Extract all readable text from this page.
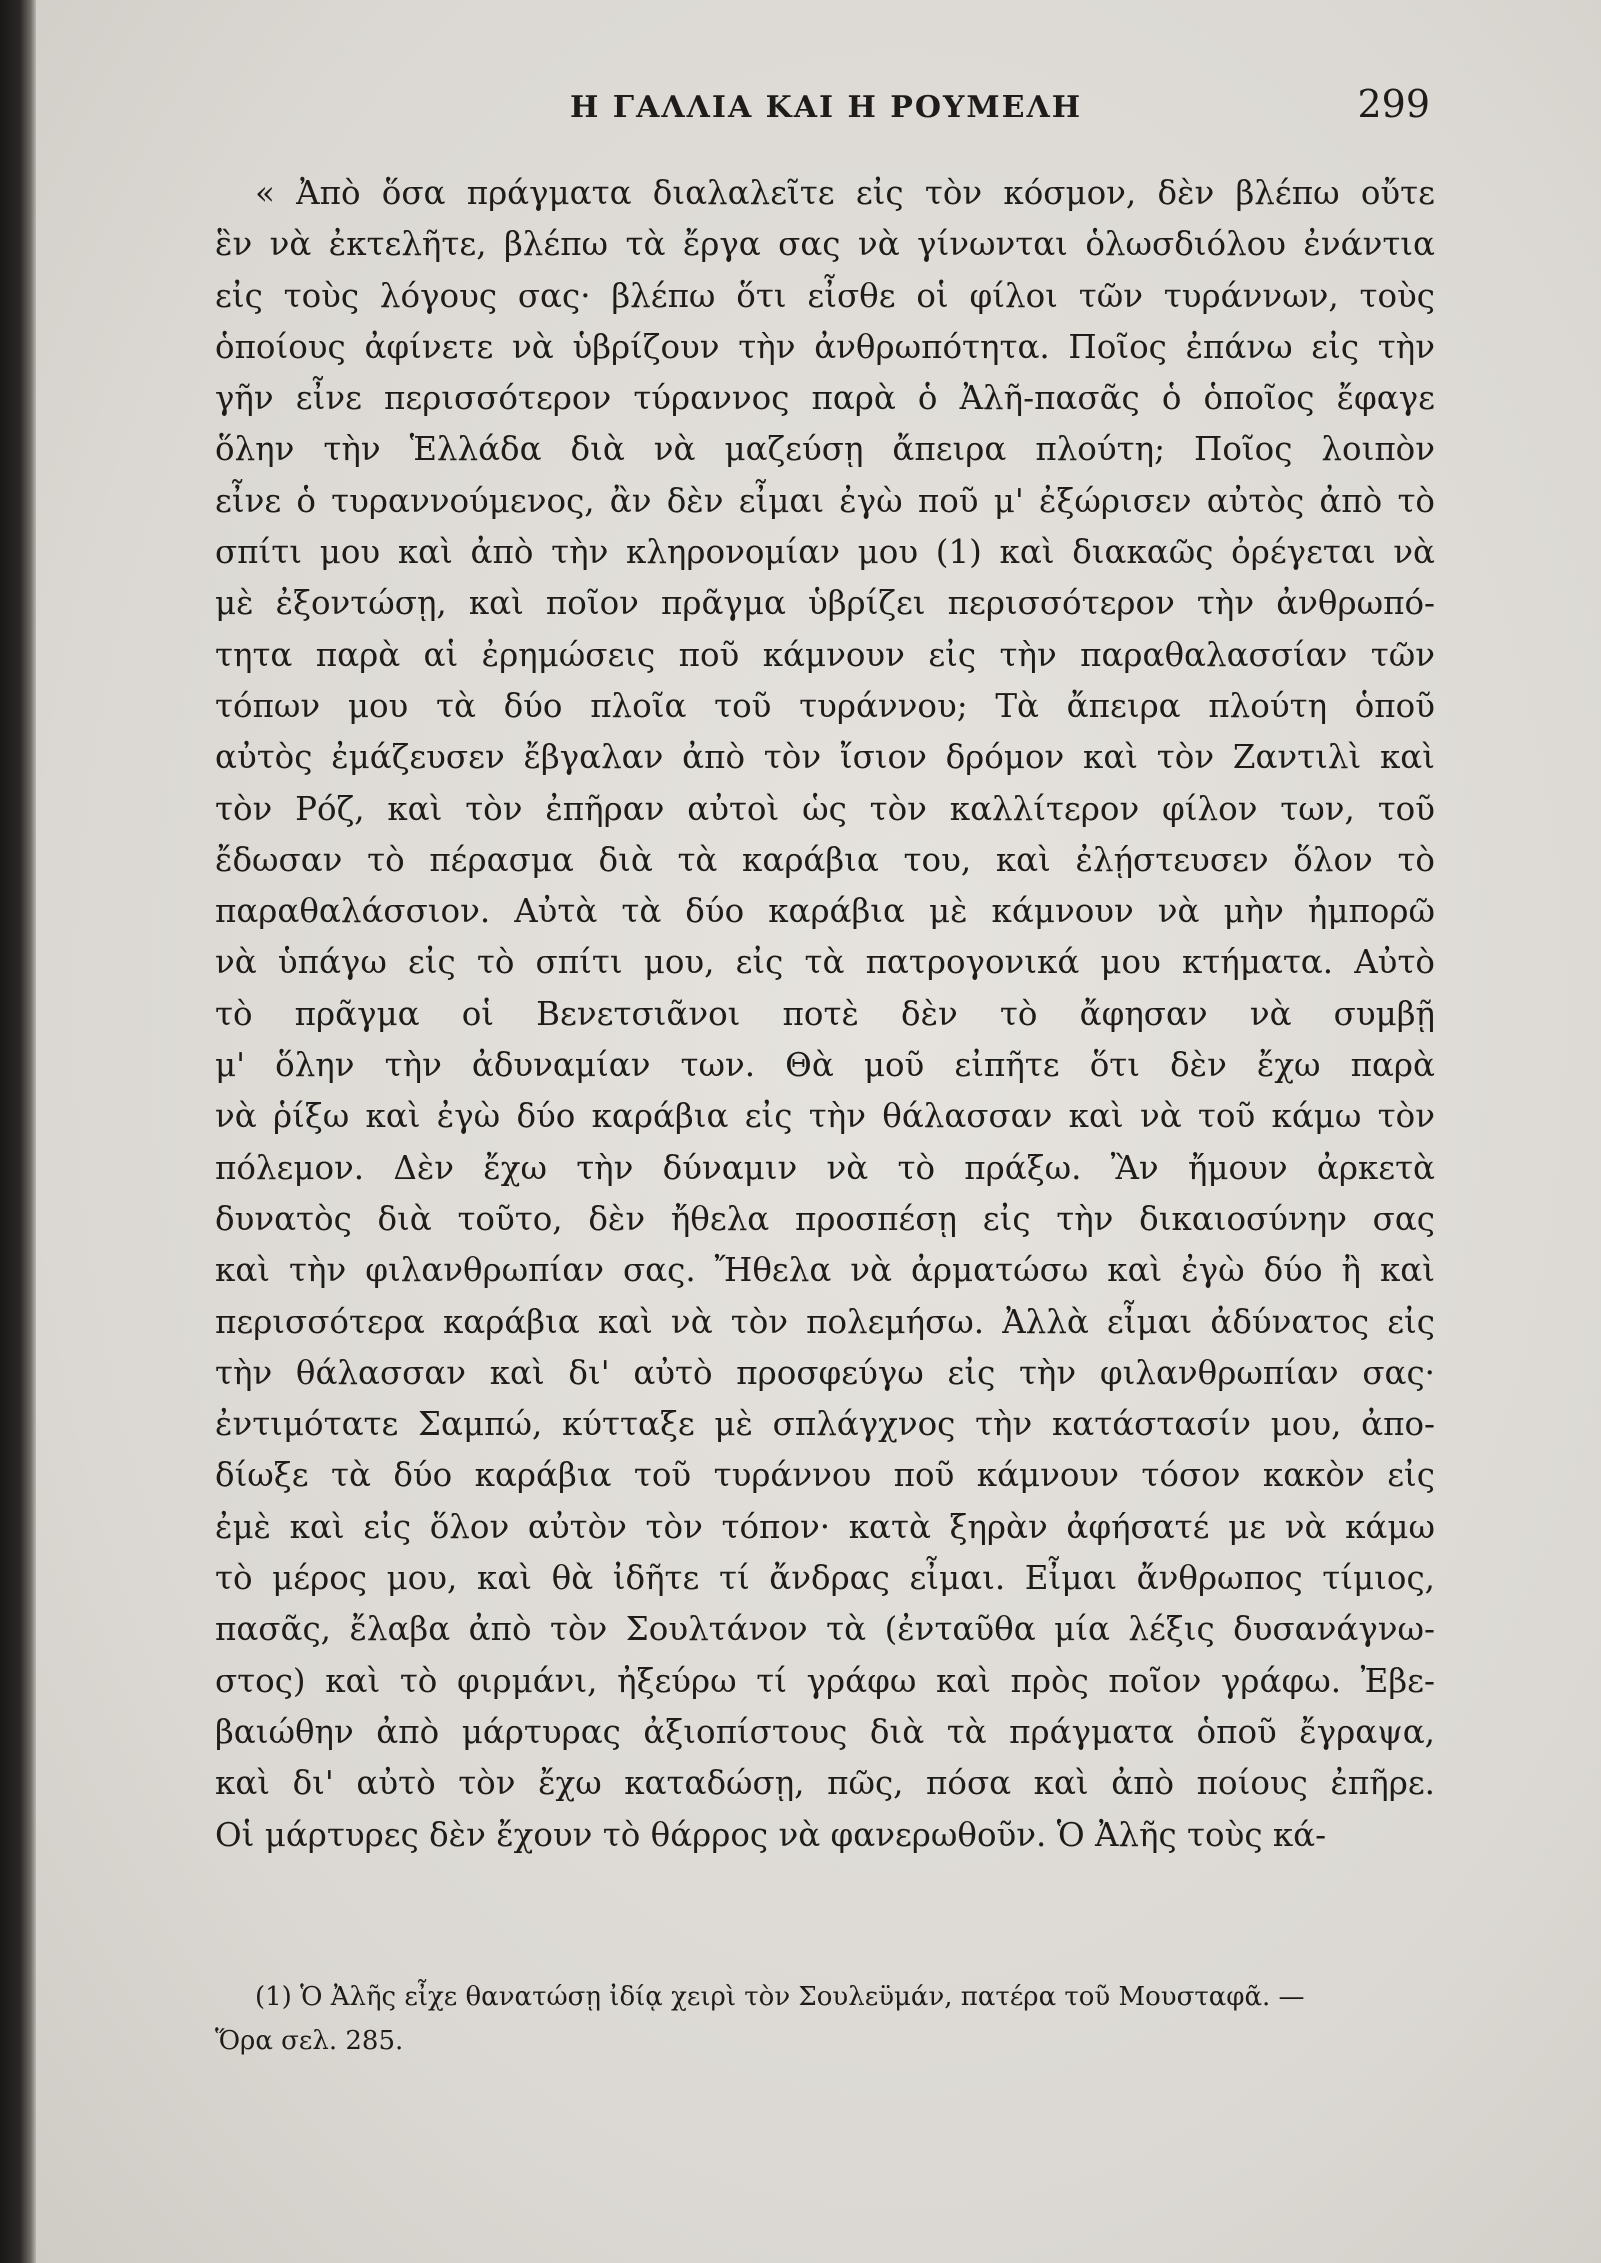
Η ΓΑΛΛΙΑ ΚΑΙ Η ΡΟΥΜΕΛΗ	299
« Ἀπὸ ὅσα πράγματα διαλαλεῖτε εἰς τὸν κόσμον, δὲν βλέπω οὔτε
ἓν νὰ ἐκτελῆτε, βλέπω τὰ ἔργα σας νὰ γίνωνται ὁλωσδιόλου ἐνάντια
εἰς τοὺς λόγους σας· βλέπω ὅτι εἶσθε οἱ φίλοι τῶν τυράννων, τοὺς
ὁποίους ἀφίνετε νὰ ὑβρίζουν τὴν ἀνθρωπότητα. Ποῖος ἐπάνω εἰς τὴν
γῆν εἶνε περισσότερον τύραννος παρὰ ὁ Ἀλῆ-πασᾶς ὁ ὁποῖος ἔφαγε
ὅλην τὴν Ἑλλάδα διὰ νὰ μαζεύσῃ ἄπειρα πλούτη; Ποῖος λοιπὸν
εἶνε ὁ τυραννούμενος, ἂν δὲν εἶμαι ἐγὼ ποῦ μ' ἐξώρισεν αὐτὸς ἀπὸ τὸ
σπίτι μου καὶ ἀπὸ τὴν κληρονομίαν μου (1) καὶ διακαῶς ὀρέγεται νὰ
μὲ ἐξοντώσῃ, καὶ ποῖον πρᾶγμα ὑβρίζει περισσότερον τὴν ἀνθρωπό-
τητα παρὰ αἱ ἐρημώσεις ποῦ κάμνουν εἰς τὴν παραθαλασσίαν τῶν
τόπων μου τὰ δύο πλοῖα τοῦ τυράννου; Τὰ ἄπειρα πλούτη ὁποῦ
αὐτὸς ἐμάζευσεν ἔβγαλαν ἀπὸ τὸν ἴσιον δρόμον καὶ τὸν Ζαντιλὶ καὶ
τὸν Ρόζ, καὶ τὸν ἐπῆραν αὐτοὶ ὡς τὸν καλλίτερον φίλον των, τοῦ
ἔδωσαν τὸ πέρασμα διὰ τὰ καράβια του, καὶ ἐλῄστευσεν ὅλον τὸ
παραθαλάσσιον. Αὐτὰ τὰ δύο καράβια μὲ κάμνουν νὰ μὴν ἠμπορῶ
νὰ ὑπάγω εἰς τὸ σπίτι μου, εἰς τὰ πατρογονικά μου κτήματα. Αὐτὸ
τὸ πρᾶγμα οἱ Βενετσιᾶνοι ποτὲ δὲν τὸ ἄφησαν νὰ συμβῇ
μ' ὅλην τὴν ἀδυναμίαν των. Θὰ μοῦ εἰπῆτε ὅτι δὲν ἔχω παρὰ
νὰ ῥίξω καὶ ἐγὼ δύο καράβια εἰς τὴν θάλασσαν καὶ νὰ τοῦ κάμω τὸν
πόλεμον. Δὲν ἔχω τὴν δύναμιν νὰ τὸ πράξω. Ἂν ἤμουν ἀρκετὰ
δυνατὸς διὰ τοῦτο, δὲν ἤθελα προσπέσῃ εἰς τὴν δικαιοσύνην σας
καὶ τὴν φιλανθρωπίαν σας. Ἤθελα νὰ ἀρματώσω καὶ ἐγὼ δύο ἢ καὶ
περισσότερα καράβια καὶ νὰ τὸν πολεμήσω. Ἀλλὰ εἶμαι ἀδύνατος εἰς
τὴν θάλασσαν καὶ δι' αὐτὸ προσφεύγω εἰς τὴν φιλανθρωπίαν σας·
ἐντιμότατε Σαμπώ, κύτταξε μὲ σπλάγχνος τὴν κατάστασίν μου, ἀπο-
δίωξε τὰ δύο καράβια τοῦ τυράννου ποῦ κάμνουν τόσον κακὸν εἰς
ἐμὲ καὶ εἰς ὅλον αὐτὸν τὸν τόπον· κατὰ ξηρὰν ἀφήσατέ με νὰ κάμω
τὸ μέρος μου, καὶ θὰ ἰδῆτε τί ἄνδρας εἶμαι. Εἶμαι ἄνθρωπος τίμιος,
πασᾶς, ἔλαβα ἀπὸ τὸν Σουλτάνον τὰ (ἐνταῦθα μία λέξις δυσανάγνω-
στος) καὶ τὸ φιρμάνι, ἠξεύρω τί γράφω καὶ πρὸς ποῖον γράφω. Ἐβε-
βαιώθην ἀπὸ μάρτυρας ἀξιοπίστους διὰ τὰ πράγματα ὁποῦ ἔγραψα,
καὶ δι' αὐτὸ τὸν ἔχω καταδώσῃ, πῶς, πόσα καὶ ἀπὸ ποίους ἐπῆρε.
Οἱ μάρτυρες δὲν ἔχουν τὸ θάρρος νὰ φανερωθοῦν. Ὁ Ἀλῆς τοὺς κά-
(1) Ὁ Ἀλῆς εἶχε θανατώσῃ ἰδίᾳ χειρὶ τὸν Σουλεϋμάν, πατέρα τοῦ Μουσταφᾶ. —
Ὅρα σελ. 285.
